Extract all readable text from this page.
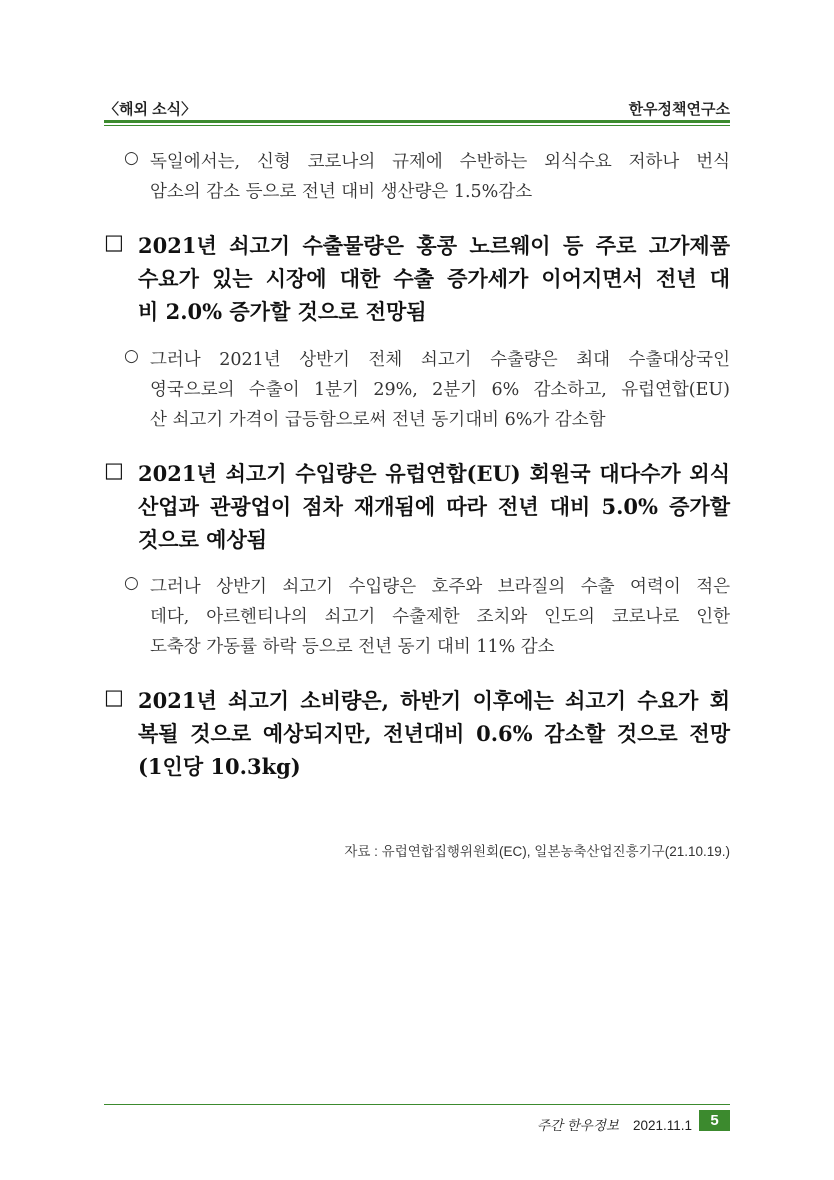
〈해외 소식〉	한우정책연구소
○ 독일에서는, 신형 코로나의 규제에 수반하는 외식수요 저하나 번식
암소의 감소 등으로 전년 대비 생산량은 1.5%감소
□ 2021년 쇠고기 수출물량은 홍콩 노르웨이 등 주로 고가제품
수요가 있는 시장에 대한 수출 증가세가 이어지면서 전년 대
비 2.0% 증가할 것으로 전망됨
○ 그러나 2021년 상반기 전체 쇠고기 수출량은 최대 수출대상국인
영국으로의 수출이 1분기 29%, 2분기 6% 감소하고, 유럽연합(EU)
산 쇠고기 가격이 급등함으로써 전년 동기대비 6%가 감소함
□ 2021년 쇠고기 수입량은 유럽연합(EU) 회원국 대다수가 외식
산업과 관광업이 점차 재개됨에 따라 전년 대비 5.0% 증가할
것으로 예상됨
○ 그러나 상반기 쇠고기 수입량은 호주와 브라질의 수출 여력이 적은
데다, 아르헨티나의 쇠고기 수출제한 조치와 인도의 코로나로 인한
도축장 가동률 하락 등으로 전년 동기 대비 11% 감소
□ 2021년 쇠고기 소비량은, 하반기 이후에는 쇠고기 수요가 회
복될 것으로 예상되지만, 전년대비 0.6% 감소할 것으로 전망
(1인당 10.3kg)
자료 : 유럽연합집행위원회(EC), 일본농축산업진흥기구(21.10.19.)
주간 한우정보 2021.11.1	5
